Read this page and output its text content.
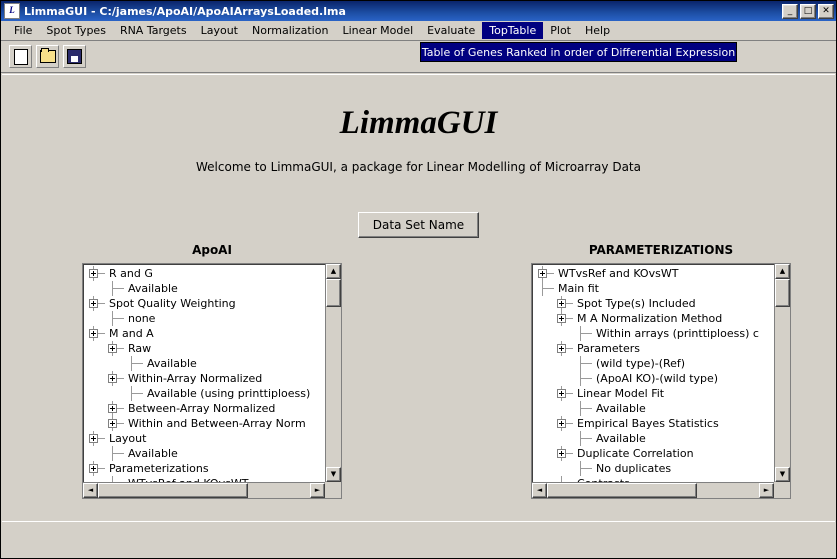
L LimmaGUI - C:/james/ApoAI/ApoAIArraysLoaded.lma	_	□	✕
File	Spot Types	RNA Targets	Layout	Normalization	Linear Model	Evaluate	TopTable	Plot	Help
Table of Genes Ranked in order of Differential Expression
LimmaGUI
Welcome to LimmaGUI, a package for Linear Modelling of Microarray Data
Data Set Name
ApoAI
R and G
Available
Spot Quality Weighting
none
M and A
Raw
Available
Within-Array Normalized
Available (using printtiploess)
Between-Array Normalized
Within and Between-Array Norm
Layout
Available
Parameterizations
▲
▼
◄	►
PARAMETERIZATIONS
WTvsRef and KOvsWT
Main fit
Spot Type(s) Included
M A Normalization Method
Within arrays (printtiploess) c
Parameters
(wild type)-(Ref)
(ApoAI KO)-(wild type)
Linear Model Fit
Available
Empirical Bayes Statistics
Available
Duplicate Correlation
No duplicates
▲
▼
◄	►
